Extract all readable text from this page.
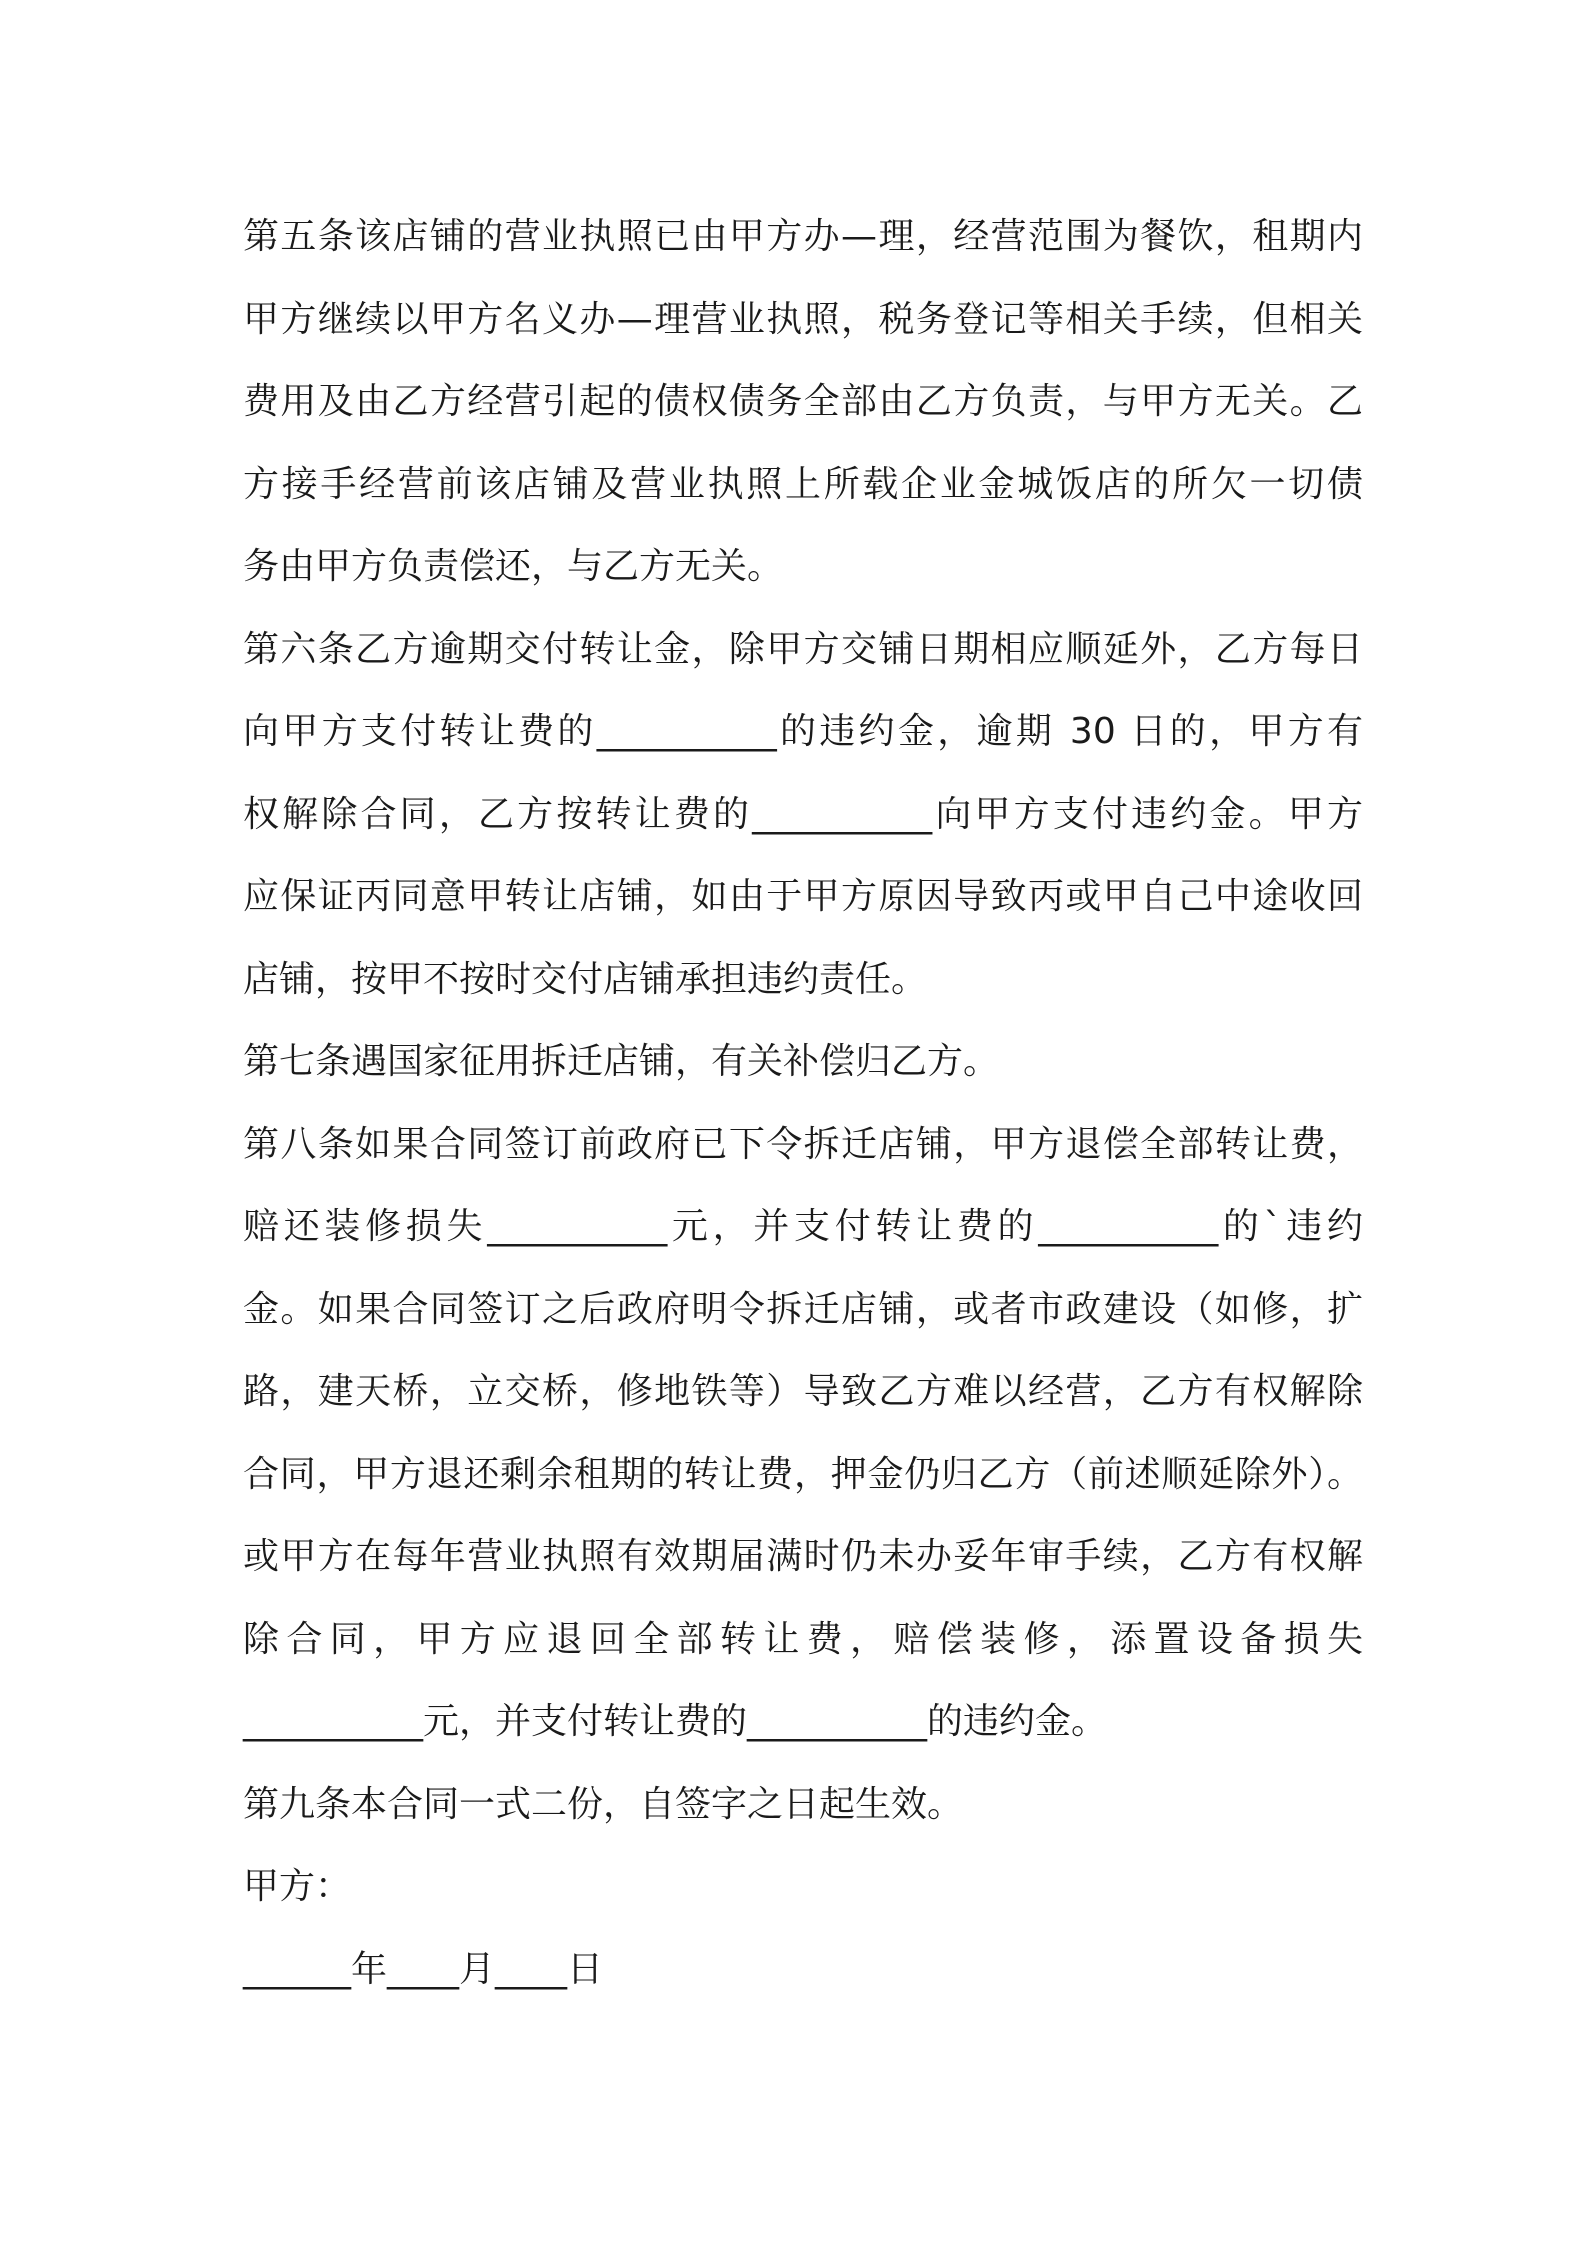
第五条该店铺的营业执照已由甲方办—理，经营范围为餐饮，租期内
甲方继续以甲方名义办—理营业执照，税务登记等相关手续，但相关
费用及由乙方经营引起的债权债务全部由乙方负责，与甲方无关。乙
方接手经营前该店铺及营业执照上所载企业金城饭店的所欠一切债
务由甲方负责偿还，与乙方无关。
第六条乙方逾期交付转让金，除甲方交铺日期相应顺延外，乙方每日
向甲方支付转让费的__________的违约金，逾期 30 日的，甲方有
权解除合同，乙方按转让费的__________向甲方支付违约金。甲方
应保证丙同意甲转让店铺，如由于甲方原因导致丙或甲自己中途收回
店铺，按甲不按时交付店铺承担违约责任。
第七条遇国家征用拆迁店铺，有关补偿归乙方。
第八条如果合同签订前政府已下令拆迁店铺，甲方退偿全部转让费，
赔还装修损失__________元，并支付转让费的__________的`违约
金。如果合同签订之后政府明令拆迁店铺，或者市政建设（如修，扩
路，建天桥，立交桥，修地铁等）导致乙方难以经营，乙方有权解除
合同，甲方退还剩余租期的转让费，押金仍归乙方（前述顺延除外）。
或甲方在每年营业执照有效期届满时仍未办妥年审手续，乙方有权解
除合同，甲方应退回全部转让费，赔偿装修，添置设备损失
__________元，并支付转让费的__________的违约金。
第九条本合同一式二份，自签字之日起生效。
甲方：
______年____月____日
